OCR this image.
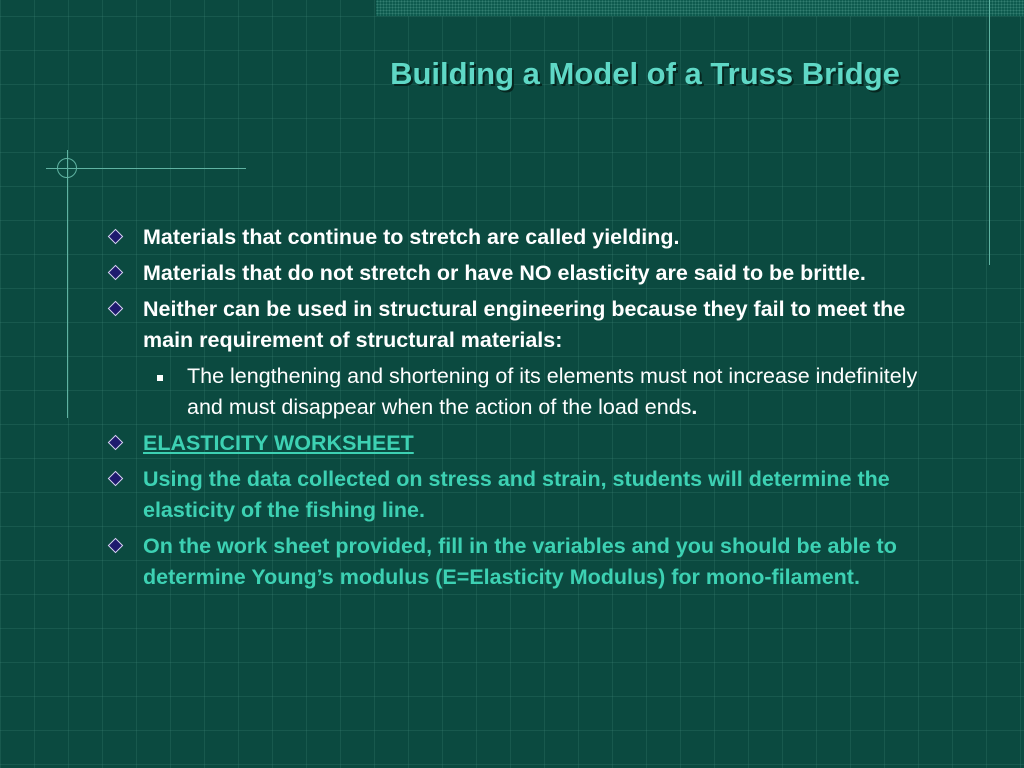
Building a Model of a Truss Bridge
Materials that continue to stretch are called yielding.
Materials that do not stretch or have NO elasticity are said to be brittle.
Neither can be used in structural engineering because they fail to meet the main requirement of structural materials:
The lengthening and shortening of its elements must not increase indefinitely and must disappear when the action of the load ends.
ELASTICITY WORKSHEET
Using the data collected on stress and strain, students will determine the elasticity of the fishing line.
On the work sheet provided, fill in the variables and you should be able to determine Young’s modulus (E=Elasticity Modulus) for mono-filament.
